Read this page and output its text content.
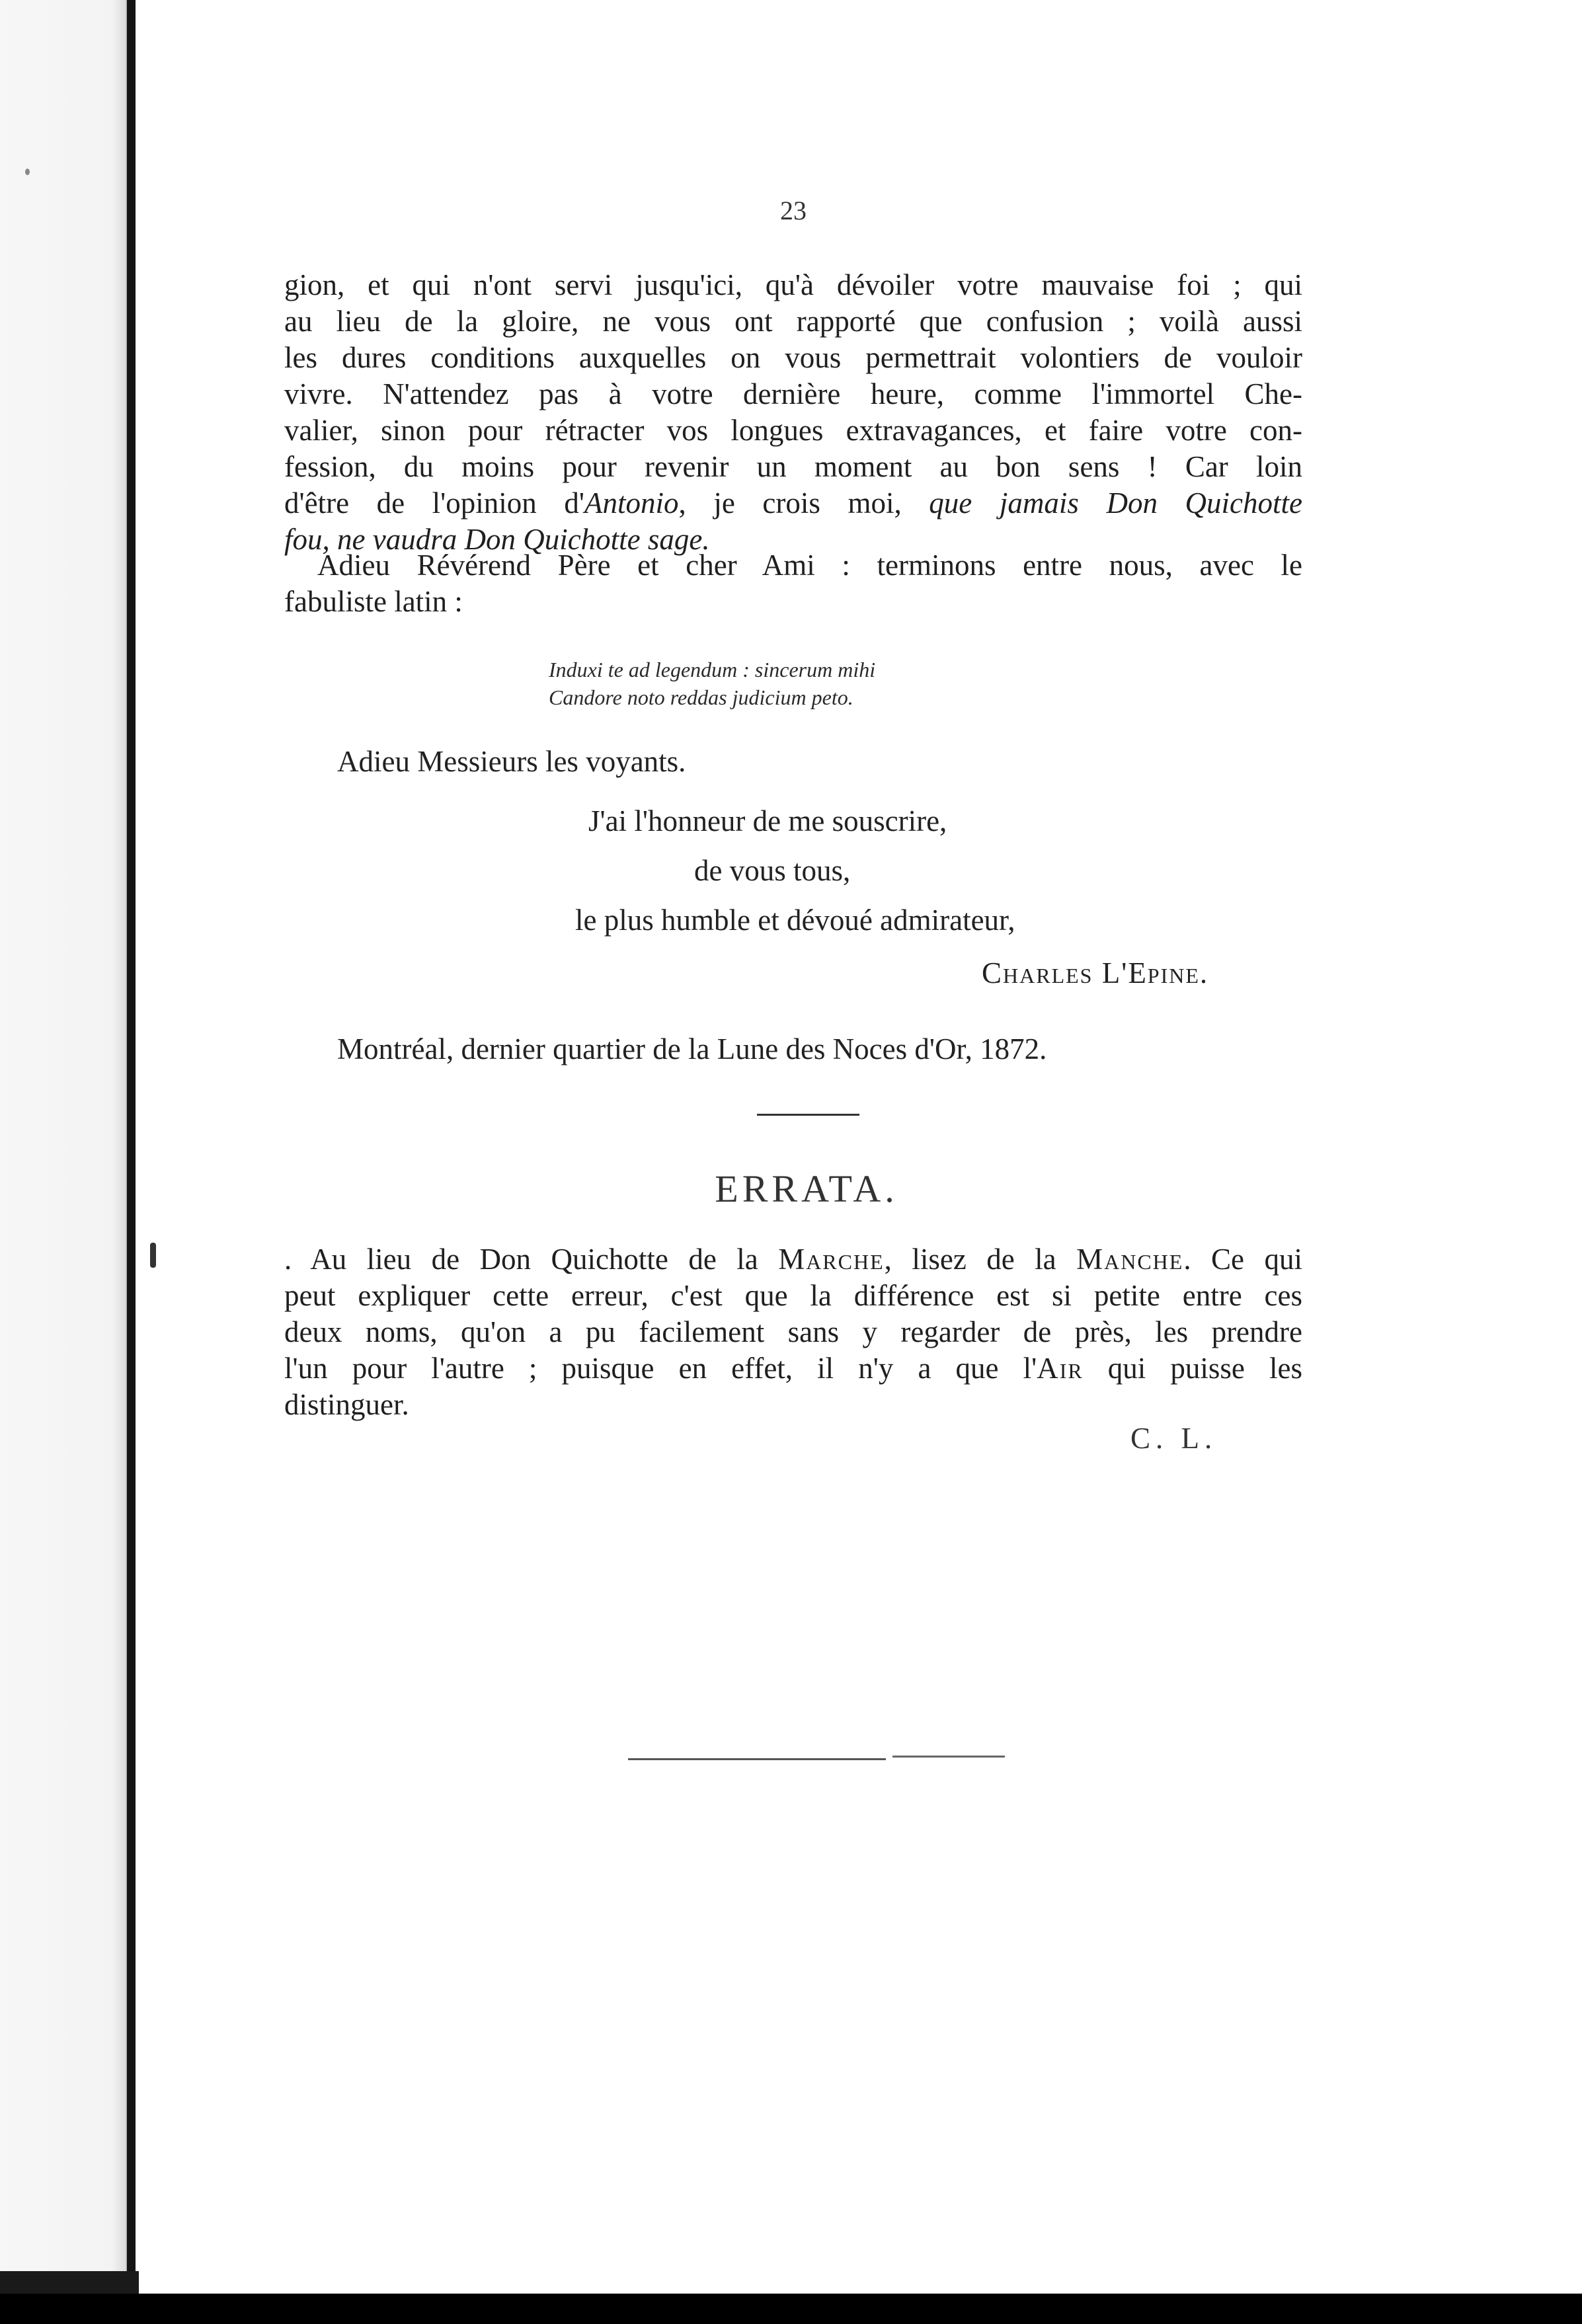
23
gion, et qui n'ont servi jusqu'ici, qu'à dévoiler votre mauvaise foi ; qui
au lieu de la gloire, ne vous ont rapporté que confusion ; voilà aussi
les dures conditions auxquelles on vous permettrait volontiers de vouloir
vivre. N'attendez pas à votre dernière heure, comme l'immortel Che-
valier, sinon pour rétracter vos longues extravagances, et faire votre con-
fession, du moins pour revenir un moment au bon sens ! Car loin
d'être de l'opinion d'Antonio, je crois moi, que jamais Don Quichotte
fou, ne vaudra Don Quichotte sage.
Adieu Révérend Père et cher Ami : terminons entre nous, avec le
fabuliste latin :
Induxi te ad legendum : sincerum mihi
Candore noto reddas judicium peto.
Adieu Messieurs les voyants.
J'ai l'honneur de me souscrire,
de vous tous,
le plus humble et dévoué admirateur,
Charles L'Epine.
Montréal, dernier quartier de la Lune des Noces d'Or, 1872.
ERRATA.
. Au lieu de Don Quichotte de la Marche, lisez de la Manche. Ce qui
peut expliquer cette erreur, c'est que la différence est si petite entre ces
deux noms, qu'on a pu facilement sans y regarder de près, les prendre
l'un pour l'autre ; puisque en effet, il n'y a que l'Air qui puisse les
distinguer.
C. L.
